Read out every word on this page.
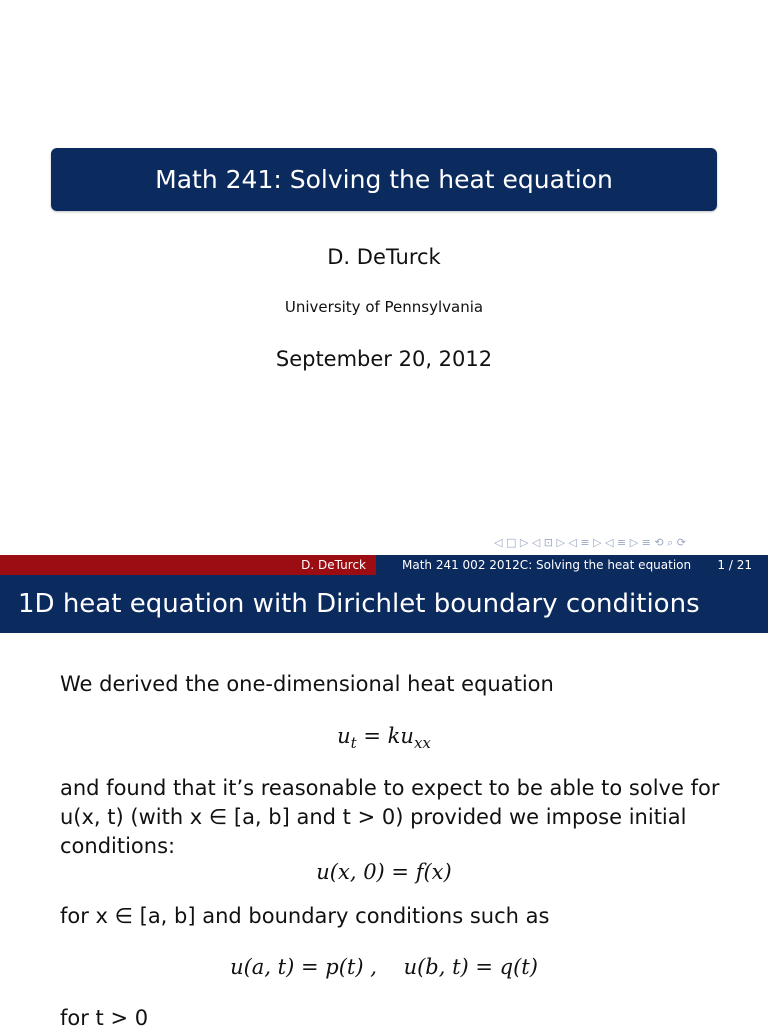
Math 241: Solving the heat equation
D. DeTurck
University of Pennsylvania
September 20, 2012
◁ □ ▷ ◁ ⊡ ▷ ◁ ≡ ▷ ◁ ≡ ▷ ≡ ⟲ ⌕ ⟳
D. DeTurck	Math 241 002 2012C: Solving the heat equation 1 / 21
1D heat equation with Dirichlet boundary conditions
We derived the one-dimensional heat equation
$u_t = ku_{xx}$
and found that it’s reasonable to expect to be able to solve for
u(x, t) (with x ∈ [a, b] and t > 0) provided we impose initial
conditions:
u(x, 0) = f(x)
for x ∈ [a, b] and boundary conditions such as
u(a, t) = p(t) ,    u(b, t) = q(t)
for t > 0
